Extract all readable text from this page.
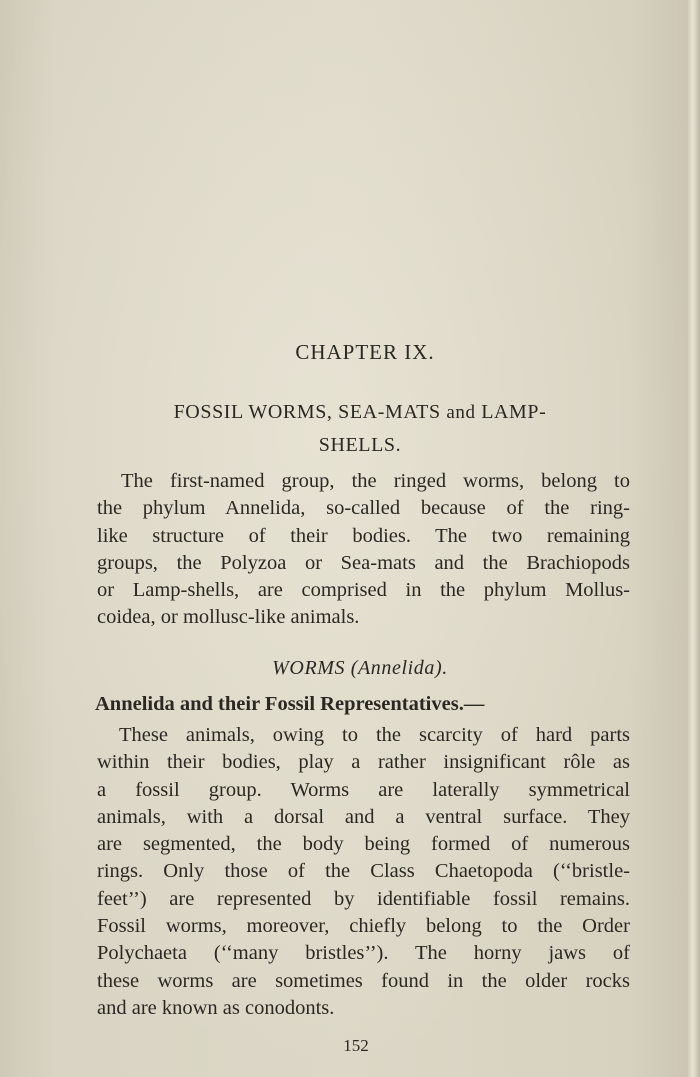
CHAPTER IX.
FOSSIL WORMS, SEA-MATS and LAMP-
SHELLS.
The first-named group, the ringed worms, belong to
the phylum Annelida, so-called because of the ring-
like structure of their bodies. The two remaining
groups, the Polyzoa or Sea-mats and the Brachiopods
or Lamp-shells, are comprised in the phylum Mollus-
coidea, or mollusc-like animals.
WORMS (Annelida).
Annelida and their Fossil Representatives.—
These animals, owing to the scarcity of hard parts
within their bodies, play a rather insignificant rôle as
a fossil group. Worms are laterally symmetrical
animals, with a dorsal and a ventral surface. They
are segmented, the body being formed of numerous
rings. Only those of the Class Chaetopoda (‘‘bristle-
feet’’) are represented by identifiable fossil remains.
Fossil worms, moreover, chiefly belong to the Order
Polychaeta (‘‘many bristles’’). The horny jaws of
these worms are sometimes found in the older rocks
and are known as conodonts.
152
